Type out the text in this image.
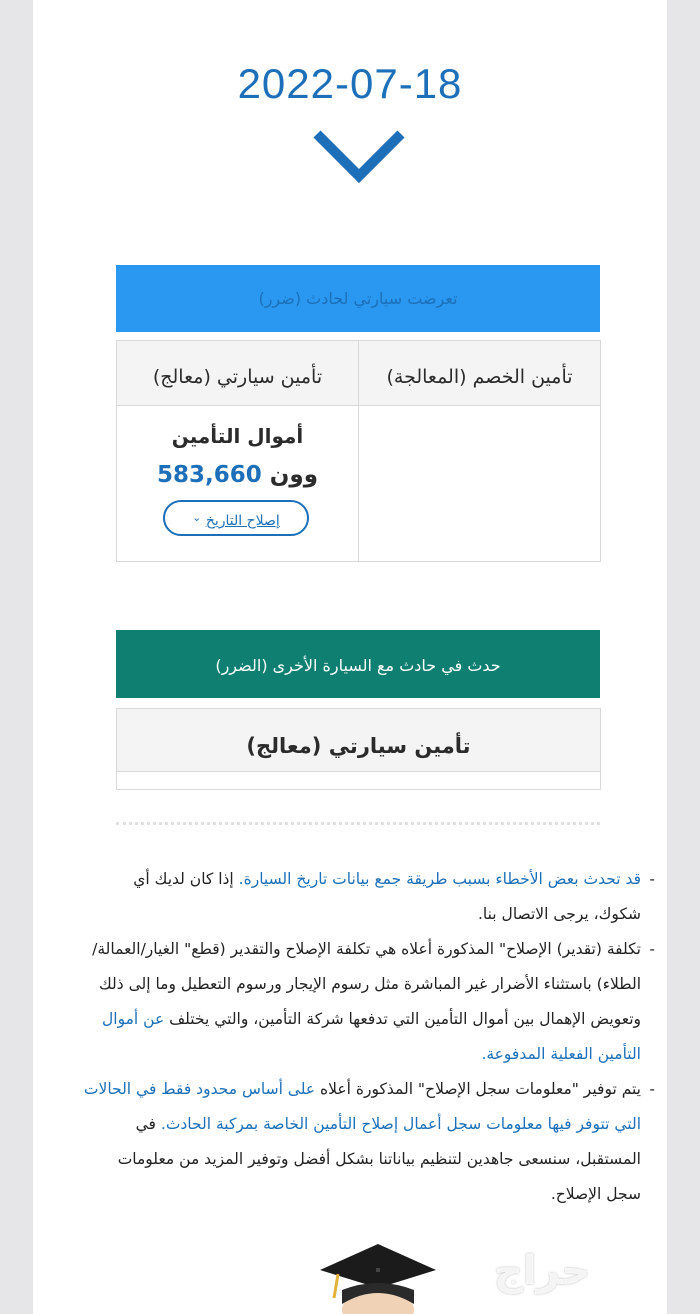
2022-07-18
تعرضت سيارتي لحادث (ضرر)
تأمين الخصم (المعالجة)
تأمين سيارتي (معالج)
أموال التأمين
وون 583,660
إصلاح التاريخ ⌄
حدث في حادث مع السيارة الأخرى (الضرر)
تأمين سيارتي (معالج)

-
قد تحدث بعض الأخطاء بسبب طريقة جمع بيانات تاريخ السيارة. إذا كان لديك أي شكوك، يرجى الاتصال بنا.

-
تكلفة (تقدير) الإصلاح" المذكورة أعلاه هي تكلفة الإصلاح والتقدير (قطع" الغيار/العمالة/الطلاء) باستثناء الأضرار غير المباشرة مثل رسوم الإيجار ورسوم التعطيل وما إلى ذلك وتعويض الإهمال بين أموال التأمين التي تدفعها شركة التأمين، والتي يختلف عن أموال التأمين الفعلية المدفوعة.

-
يتم توفير "معلومات سجل الإصلاح" المذكورة أعلاه على أساس محدود فقط في الحالات التي تتوفر فيها معلومات سجل أعمال إصلاح التأمين الخاصة بمركبة الحادث. في المستقبل، سنسعى جاهدين لتنظيم بياناتنا بشكل أفضل وتوفير المزيد من معلومات سجل الإصلاح.

حراج
